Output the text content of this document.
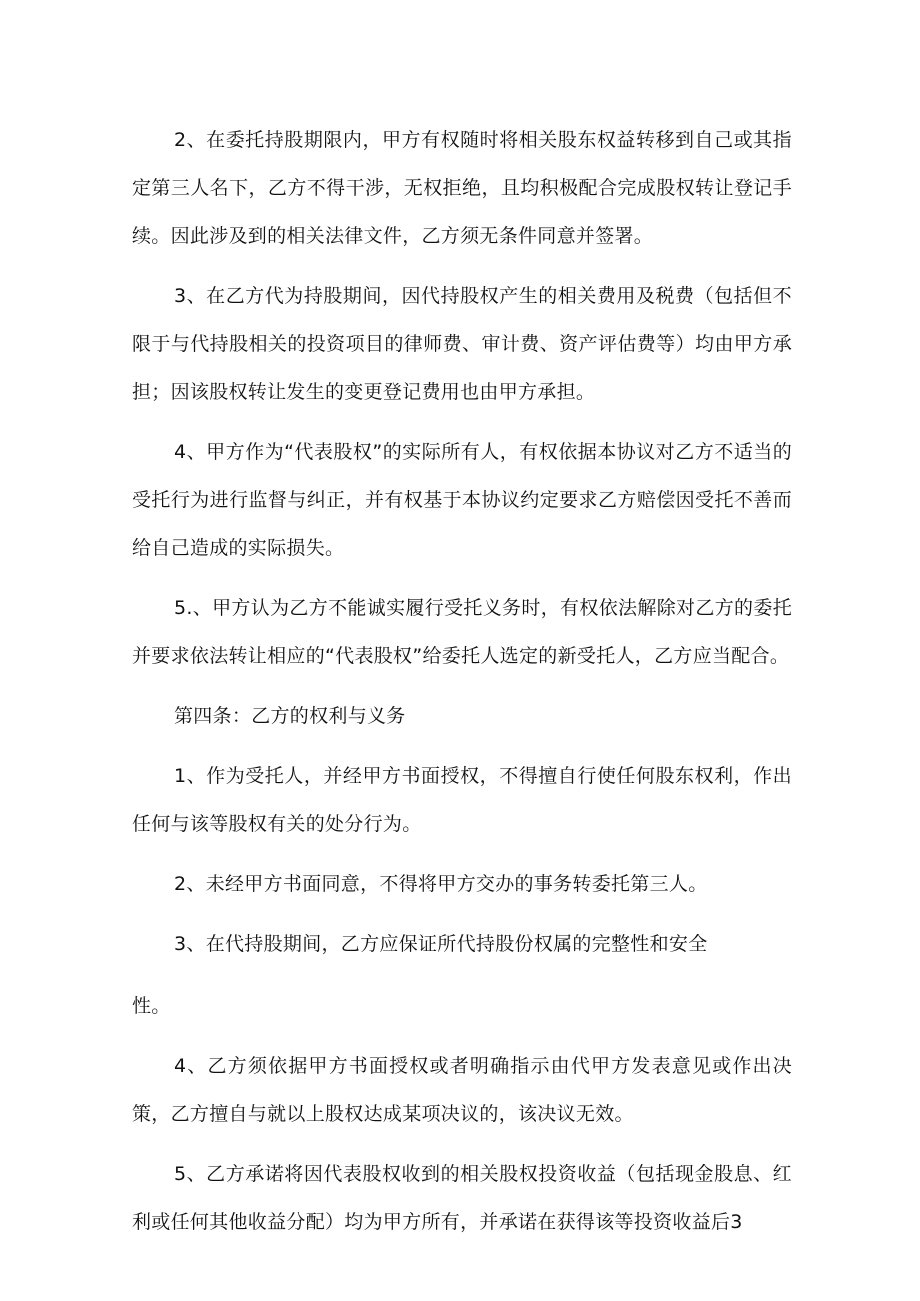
2、在委托持股期限内，甲方有权随时将相关股东权益转移到自己或其指定第三人名下，乙方不得干涉，无权拒绝，且均积极配合完成股权转让登记手续。因此涉及到的相关法律文件，乙方须无条件同意并签署。

3、在乙方代为持股期间，因代持股权产生的相关费用及税费（包括但不限于与代持股相关的投资项目的律师费、审计费、资产评估费等）均由甲方承担；因该股权转让发生的变更登记费用也由甲方承担。

4、甲方作为“代表股权”的实际所有人，有权依据本协议对乙方不适当的受托行为进行监督与纠正，并有权基于本协议约定要求乙方赔偿因受托不善而给自己造成的实际损失。

5.、甲方认为乙方不能诚实履行受托义务时，有权依法解除对乙方的委托并要求依法转让相应的“代表股权”给委托人选定的新受托人，乙方应当配合。

第四条：乙方的权利与义务

1、作为受托人，并经甲方书面授权，不得擅自行使任何股东权利，作出任何与该等股权有关的处分行为。

2、未经甲方书面同意，不得将甲方交办的事务转委托第三人。

3、在代持股期间，乙方应保证所代持股份权属的完整性和安全

性。

4、乙方须依据甲方书面授权或者明确指示由代甲方发表意见或作出决策，乙方擅自与就以上股权达成某项决议的，该决议无效。

5、乙方承诺将因代表股权收到的相关股权投资收益（包括现金股息、红利或任何其他收益分配）均为甲方所有，并承诺在获得该等投资收益后3
